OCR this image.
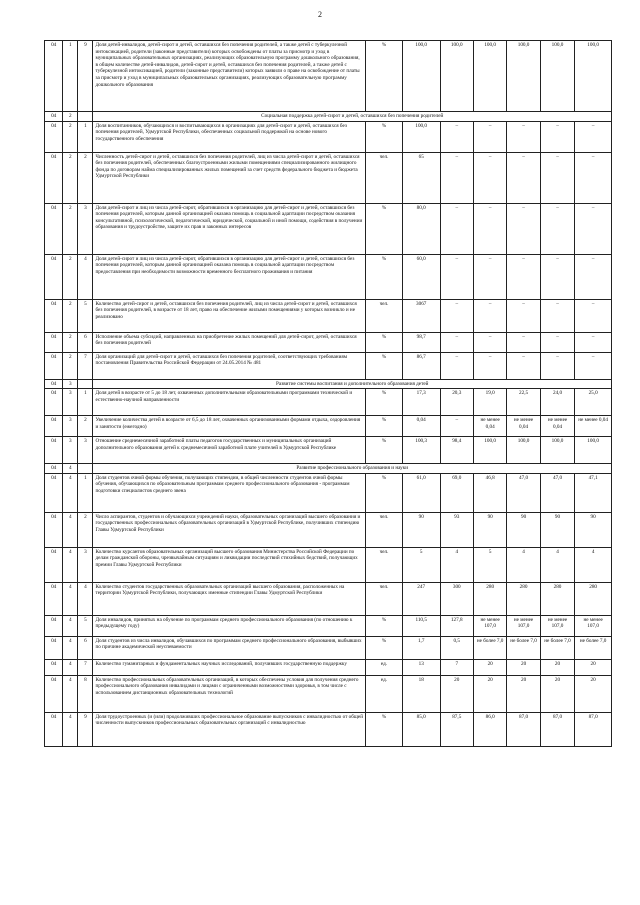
2
04	1	9	Доля детей-инвалидов, детей-сирот и детей, оставшихся без попечения родителей, а также детей с туберкулезной интоксикацией, родители (законные представители) которых освобождены от платы за присмотр и уход в муниципальных образовательных организациях, реализующих образовательную программу дошкольного образования, в общем количестве детей-инвалидов, детей-сирот и детей, оставшихся без попечения родителей, а также детей с туберкулезной интоксикацией, родители (законные представители) которых заявили о праве на освобождение от платы за присмотр и уход в муниципальных образовательных организациях, реализующих образовательную программу дошкольного образования	%	100,0	100,0	100,0	100,0	100,0	100,0
04	2		Социальная поддержка детей-сирот и детей, оставшихся без попечения родителей							
04	2	1	Доля воспитанников, обучающихся и воспитывающихся в организациях для детей-сирот и детей, оставшихся без попечения родителей, Удмуртской Республики, обеспеченных социальной поддержкой на основе нового государственного обеспечения	%	100,0	–	–	–	–	–
04	2	2	Численность детей-сирот и детей, оставшихся без попечения родителей, лиц из числа детей-сирот и детей, оставшихся без попечения родителей, обеспеченных благоустроенными жилыми помещениями специализированного жилищного фонда по договорам найма специализированных жилых помещений за счет средств федерального бюджета и бюджета Удмуртской Республики	чел.	65	–	–	–	–	–
04	2	3	Доля детей-сирот и лиц из числа детей-сирот, обратившихся в организацию для детей-сирот и детей, оставшихся без попечения родителей, которым данной организацией оказана помощь в социальной адаптации посредством оказания консультативной, психологической, педагогической, юридической, социальной и иной помощи, содействия в получении образования и трудоустройстве, защите их прав и законных интересов	%	80,0	–	–	–	–	–
04	2	4	Доля детей-сирот и лиц из числа детей-сирот, обратившихся в организацию для детей-сирот и детей, оставшихся без попечения родителей, которым данной организацией оказана помощь в социальной адаптации посредством предоставления при необходимости возможности временного бесплатного проживания и питания	%	60,0	–	–	–	–	–
04	2	5	Количество детей-сирот и детей, оставшихся без попечения родителей, лиц из числа детей-сирот и детей, оставшихся без попечения родителей, в возрасте от 18 лет, право на обеспечение жилыми помещениями у которых возникло и не реализовано	чел.	3067	–	–	–	–	–
04	2	6	Исполнение объема субсидий, направленных на приобретение жилых помещений для детей-сирот, детей, оставшихся без попечения родителей	%	98,7	–	–	–	–	–
04	2	7	Доля организаций для детей-сирот и детей, оставшихся без попечения родителей, соответствующих требованиям постановления Правительства Российской Федерации от 24.05.2014 № 481	%	86,7	–	–	–	–	–
04	3		Развитие системы воспитания и дополнительного образования детей							
04	3	1	Доля детей в возрасте от 5 до 18 лет, охваченных дополнительными образовательными программами технической и естественно-научной направленности	%	17,3	20,3	19,0	22,5	24,0	25,0
04	3	2	Увеличение количества детей в возрасте от 6,5 до 18 лет, охваченных организованными формами отдыха, оздоровления и занятости (ежегодно)	%	0,04	–	не менее 0,04	не менее 0,04	не менее 0,04	не менее 0,04
04	3	3	Отношение среднемесячной заработной платы педагогов государственных и муниципальных организаций дополнительного образования детей к среднемесячной заработной плате учителей в Удмуртской Республике	%	100,3	98,4	100,0	100,0	100,0	100,0
04	4		Развитие профессионального образования и науки							
04	4	1	Доля студентов очной формы обучения, получающих стипендии, в общей численности студентов очной формы обучения, обучающихся по образовательным программам среднего профессионального образования - программам подготовки специалистов среднего звена	%	61,0	69,0	46,8	47,0	47,0	47,1
04	4	2	Число аспирантов, студентов и обучающихся учреждений науки, образовательных организаций высшего образования и государственных профессиональных образовательных организаций в Удмуртской Республике, получивших стипендию Главы Удмуртской Республики	чел.	90	93	90	90	90	90
04	4	3	Количество курсантов образовательных организаций высшего образования Министерства Российской Федерации по делам гражданской обороны, чрезвычайным ситуациям и ликвидации последствий стихийных бедствий, получающих премии Главы Удмуртской Республики	чел.	5	4	5	4	4	4
04	4	4	Количество студентов государственных образовательных организаций высшего образования, расположенных на территории Удмуртской Республики, получающих именные стипендии Главы Удмуртской Республики	чел.	247	300	280	280	280	280
04	4	5	Доля инвалидов, принятых на обучение по программам среднего профессионального образования (по отношению к предыдущему году)	%	110,5	127,8	не менее 107,0	не менее 107,0	не менее 107,0	не менее 107,0
04	4	6	Доля студентов из числа инвалидов, обучавшихся по программам среднего профессионального образования, выбывших по причине академической неуспеваемости	%	1,7	0,5	не более 7,0	не более 7,0	не более 7,0	не более 7,0
04	4	7	Количество гуманитарных и фундаментальных научных исследований, получивших государственную поддержку	ед.	13	7	20	20	20	20
04	4	8	Количество профессиональных образовательных организаций, в которых обеспечены условия для получения среднего профессионального образования инвалидами и лицами с ограниченными возможностями здоровья, в том числе с использованием дистанционных образовательных технологий	ед.	18	20	20	20	20	20
04	4	9	Доля трудоустроенных (и (или) продолживших профессиональное образование выпускников с инвалидностью от общей численности выпускников профессиональных образовательных организаций с инвалидностью	%	85,0	87,5	86,0	87,0	87,0	87,0
